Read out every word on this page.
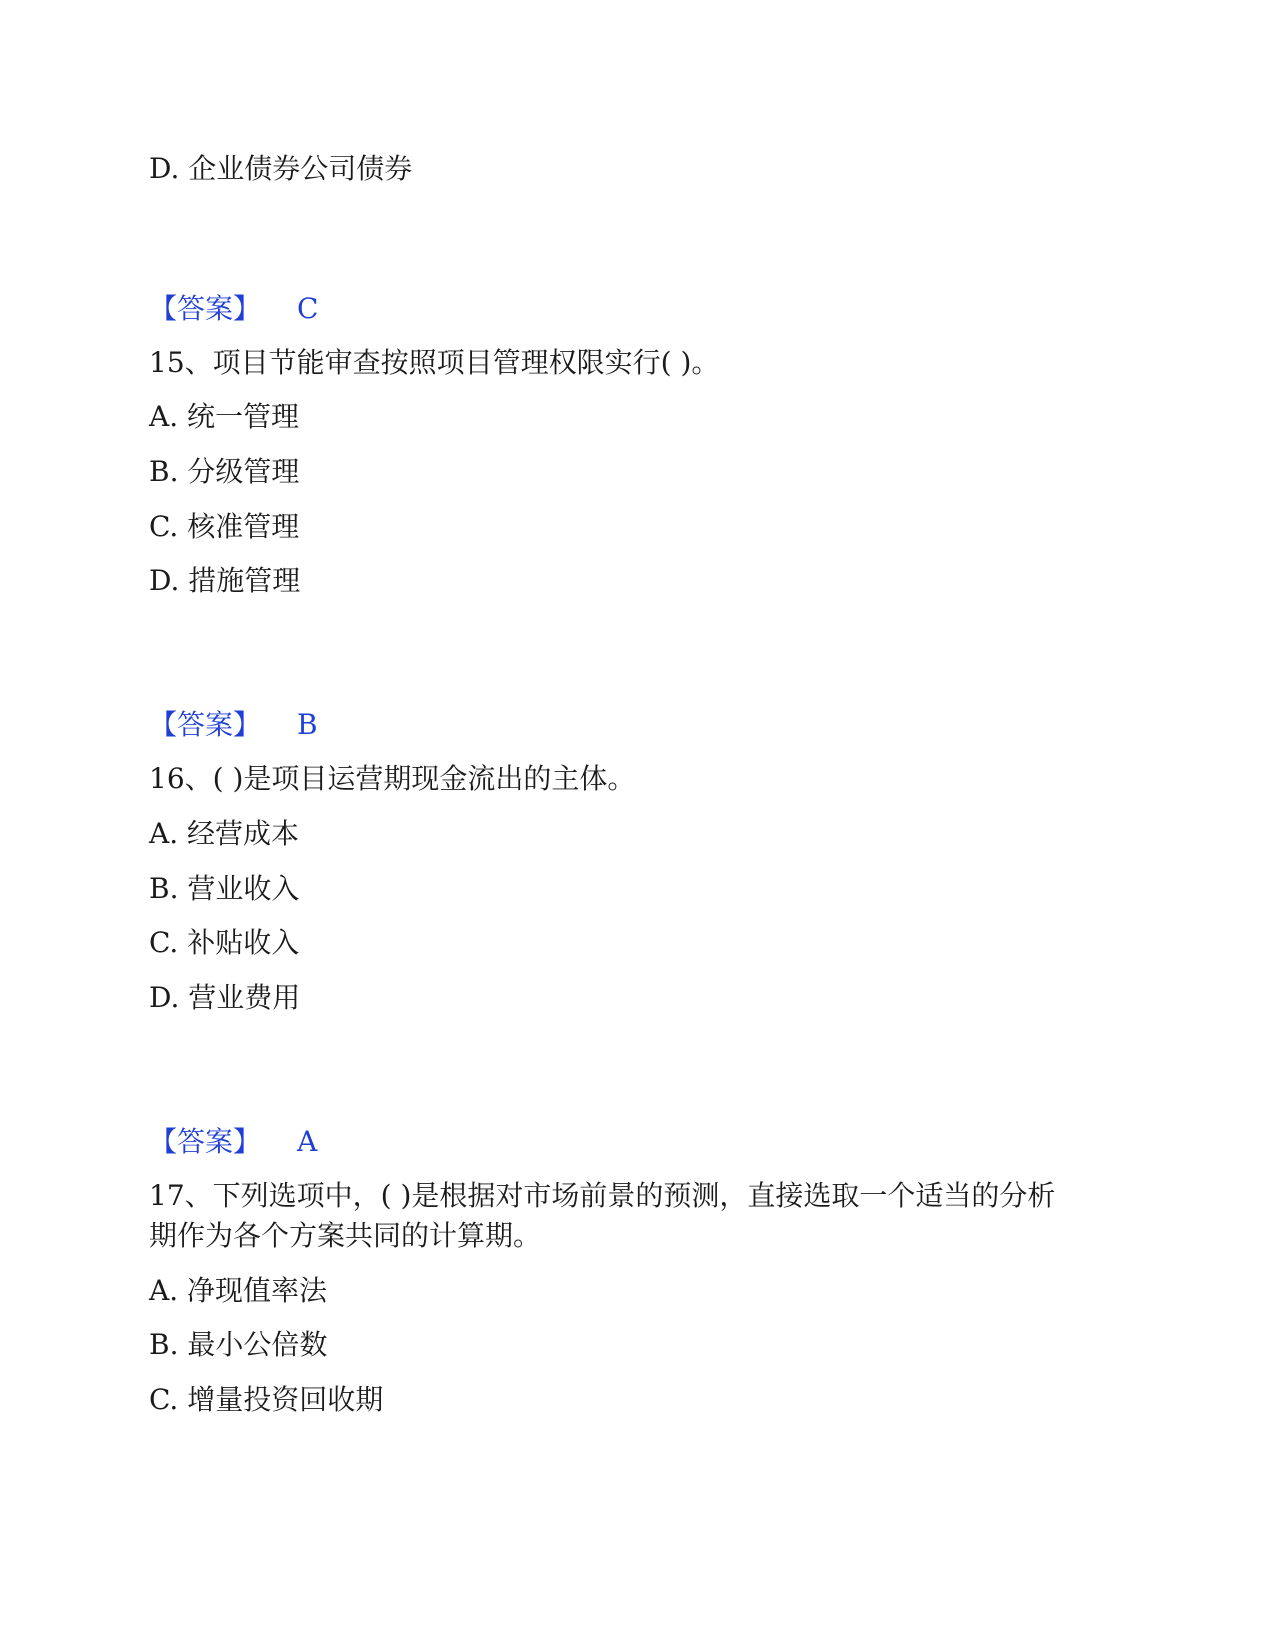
D. 企业债券公司债券
【答案】 C
15、项目节能审查按照项目管理权限实行( )。
A. 统一管理
B. 分级管理
C. 核准管理
D. 措施管理
【答案】 B
16、( )是项目运营期现金流出的主体。
A. 经营成本
B. 营业收入
C. 补贴收入
D. 营业费用
【答案】 A
17、下列选项中，( )是根据对市场前景的预测，直接选取一个适当的分析
期作为各个方案共同的计算期。
A. 净现值率法
B. 最小公倍数
C. 增量投资回收期
